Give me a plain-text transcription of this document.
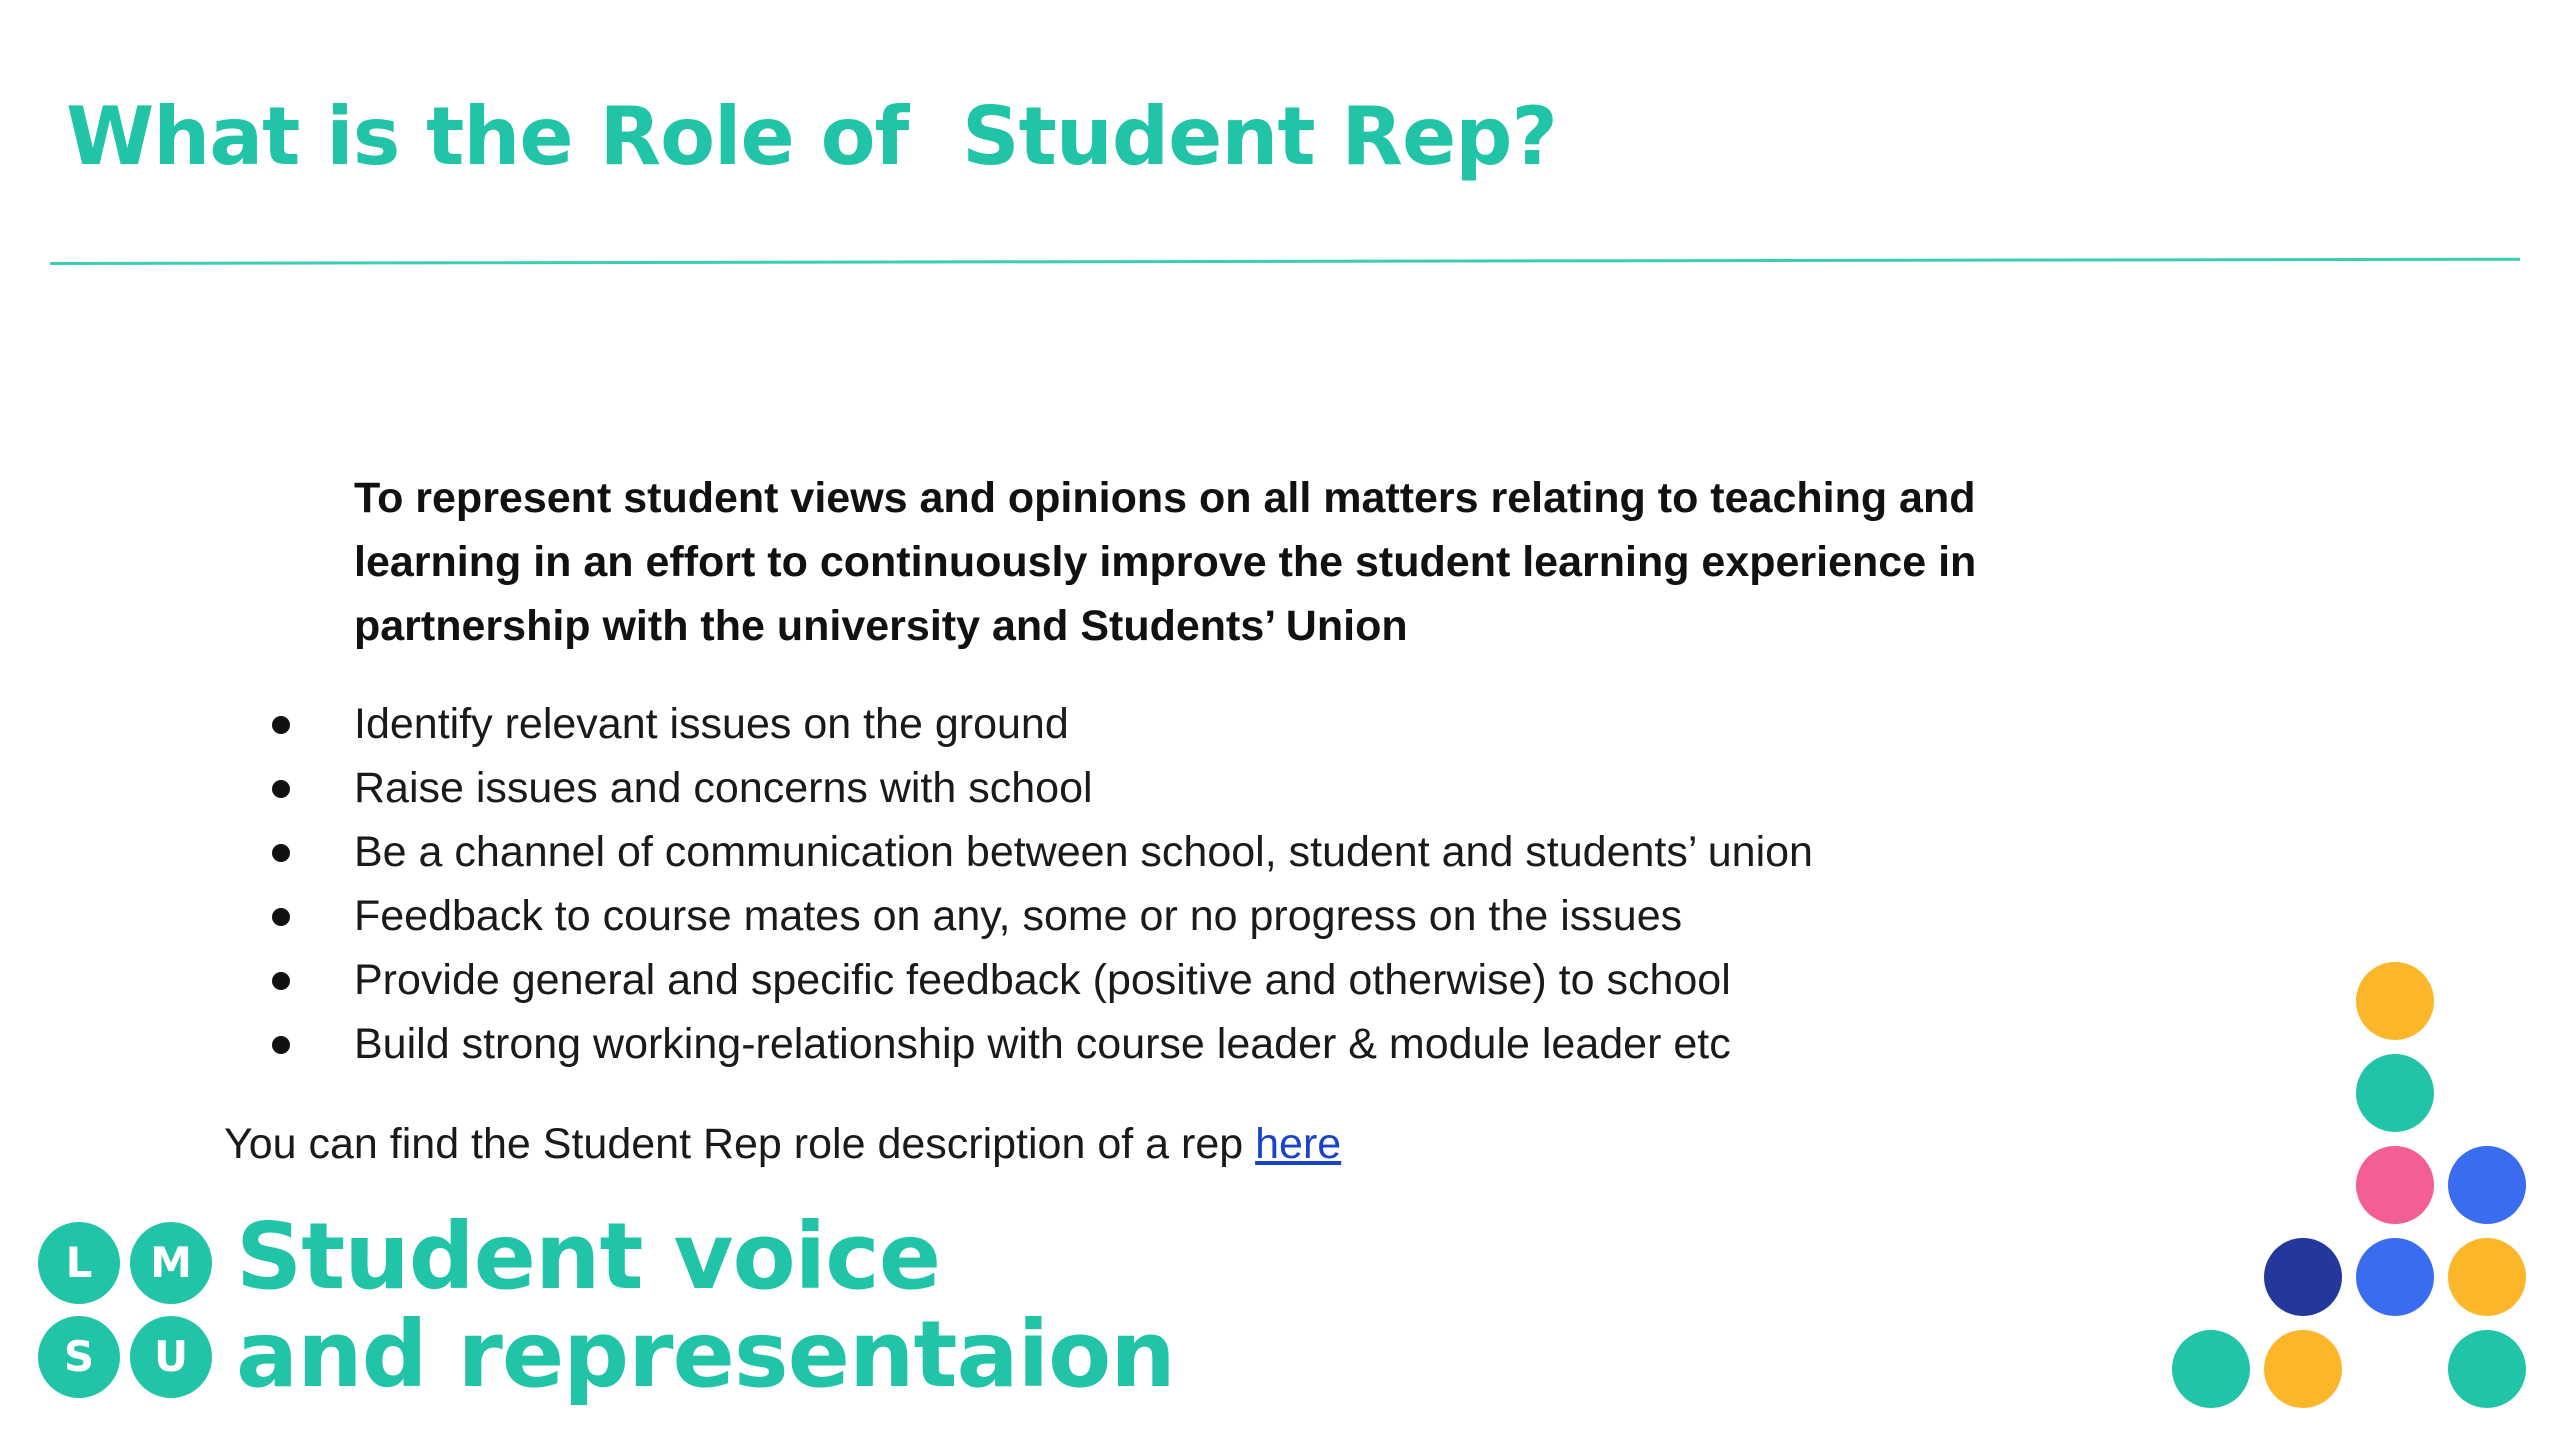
What is the Role of  Student Rep?

To represent student views and opinions on all matters relating to teaching and learning in an effort to continuously improve the student learning experience in partnership with the university and Students’ Union

Identify relevant issues on the ground
Raise issues and concerns with school
Be a channel of communication between school, student and students’ union
Feedback to course mates on any, some or no progress on the issues
Provide general and specific feedback (positive and otherwise) to school
Build strong working-relationship with course leader & module leader etc

You can find the Student Rep role description of a rep here

L	M
S	U
Student voice
and representaion
